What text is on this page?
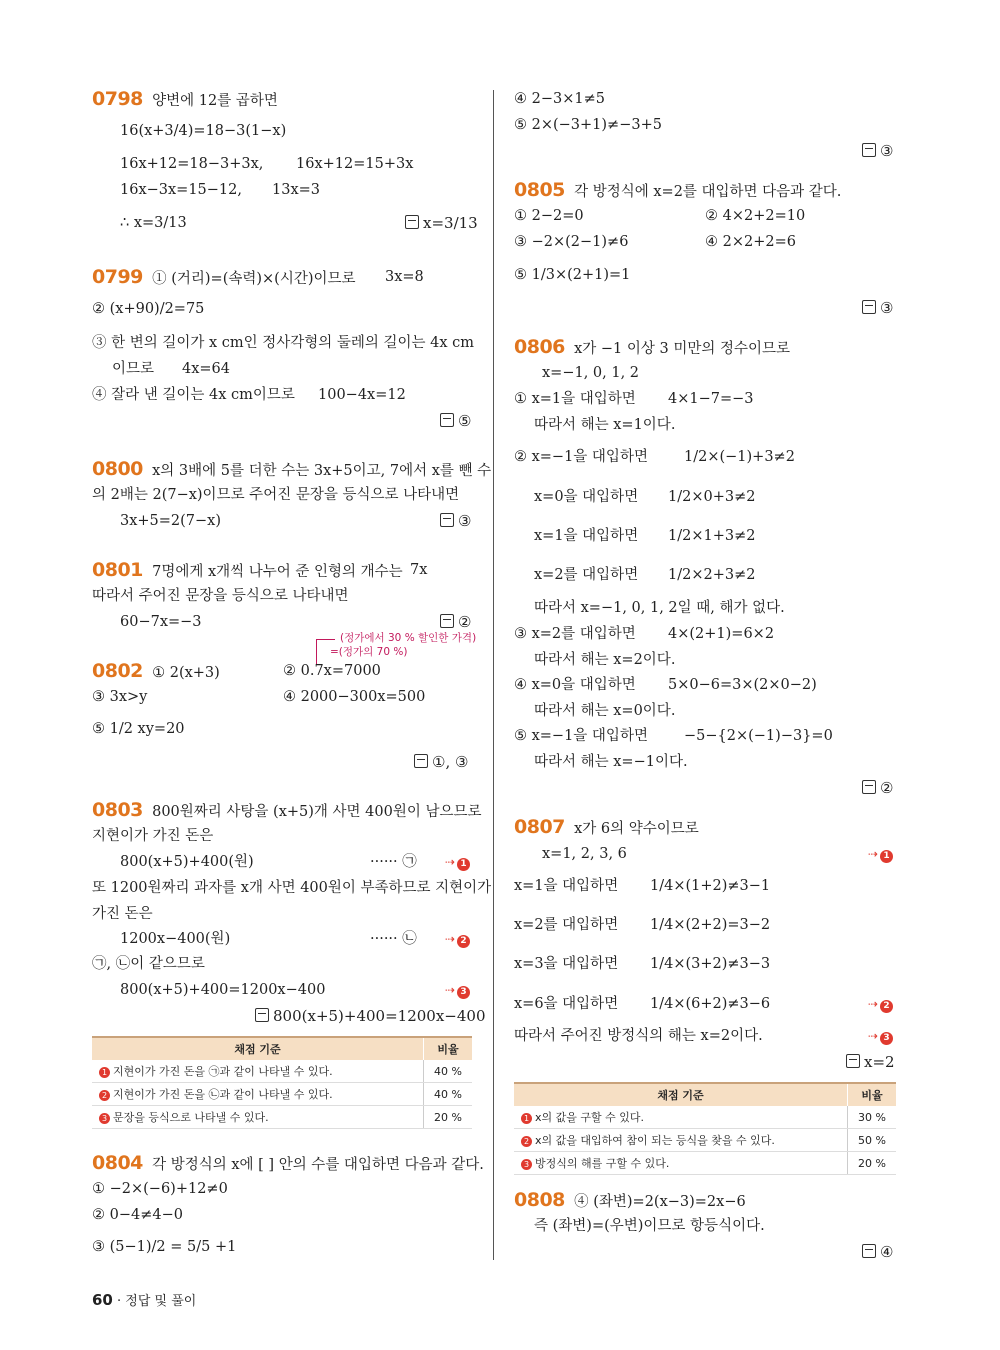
0798 양변에 12를 곱하면
16(x+3/4)=18−3(1−x)
16x+12=18−3+3x, 16x+12=15+3x
16x−3x=15−12, 13x=3
∴ x=3/13	x=3/13
0799 ① (거리)=(속력)×(시간)이므로 3x=8
② (x+90)/2=75
③ 한 변의 길이가 x cm인 정사각형의 둘레의 길이는 4x cm
이므로 4x=64
④ 잘라 낸 길이는 4x cm이므로 100−4x=12
⑤
0800 x의 3배에 5를 더한 수는 3x+5이고, 7에서 x를 뺀 수
의 2배는 2(7−x)이므로 주어진 문장을 등식으로 나타내면
3x+5=2(7−x)	③
0801 7명에게 x개씩 나누어 준 인형의 개수는 7x
따라서 주어진 문장을 등식으로 나타내면
60−7x=−3	②
(정가에서 30 % 할인한 가격)
=(정가의 70 %)
0802 ① 2(x+3)	② 0.7x=7000
③ 3x>y	④ 2000−300x=500
⑤ 1/2 xy=20
①, ③
0803 800원짜리 사탕을 (x+5)개 사면 400원이 남으므로
지현이가 가진 돈은
800(x+5)+400(원)	······ ㉠ ⇢ 1
또 1200원짜리 과자를 x개 사면 400원이 부족하므로 지현이가
가진 돈은
1200x−400(원)	······ ㉡ ⇢ 2
㉠, ㉡이 같으므로
800(x+5)+400=1200x−400	⇢ 3
800(x+5)+400=1200x−400
채점 기준	비율
1 지현이가 가진 돈을 ㉠과 같이 나타낼 수 있다.	40 %
2 지현이가 가진 돈을 ㉡과 같이 나타낼 수 있다.	40 %
3 문장을 등식으로 나타낼 수 있다.	20 %
0804 각 방정식의 x에 [ ] 안의 수를 대입하면 다음과 같다.
① −2×(−6)+12≠0
② 0−4≠4−0
③ (5−1)/2 = 5/5 +1
④ 2−3×1≠5
⑤ 2×(−3+1)≠−3+5
③
0805 각 방정식에 x=2를 대입하면 다음과 같다.
① 2−2=0	② 4×2+2=10
③ −2×(2−1)≠6	④ 2×2+2=6
⑤ 1/3×(2+1)=1
③
0806 x가 −1 이상 3 미만의 정수이므로
x=−1, 0, 1, 2
① x=1을 대입하면 4×1−7=−3
따라서 해는 x=1이다.
② x=−1을 대입하면 1/2×(−1)+3≠2
x=0을 대입하면 1/2×0+3≠2
x=1을 대입하면 1/2×1+3≠2
x=2를 대입하면 1/2×2+3≠2
따라서 x=−1, 0, 1, 2일 때, 해가 없다.
③ x=2를 대입하면 4×(2+1)=6×2
따라서 해는 x=2이다.
④ x=0을 대입하면 5×0−6=3×(2×0−2)
따라서 해는 x=0이다.
⑤ x=−1을 대입하면 −5−{2×(−1)−3}=0
따라서 해는 x=−1이다.
②
0807 x가 6의 약수이므로
x=1, 2, 3, 6	⇢ 1
x=1을 대입하면 1/4×(1+2)≠3−1
x=2를 대입하면 1/4×(2+2)=3−2
x=3을 대입하면 1/4×(3+2)≠3−3
x=6을 대입하면 1/4×(6+2)≠3−6	⇢ 2
따라서 주어진 방정식의 해는 x=2이다.	⇢ 3
x=2
채점 기준	비율
1 x의 값을 구할 수 있다.	30 %
2 x의 값을 대입하여 참이 되는 등식을 찾을 수 있다.	50 %
3 방정식의 해를 구할 수 있다.	20 %
0808 ④ (좌변)=2(x−3)=2x−6
즉 (좌변)=(우변)이므로 항등식이다.
④
60 · 정답 및 풀이
